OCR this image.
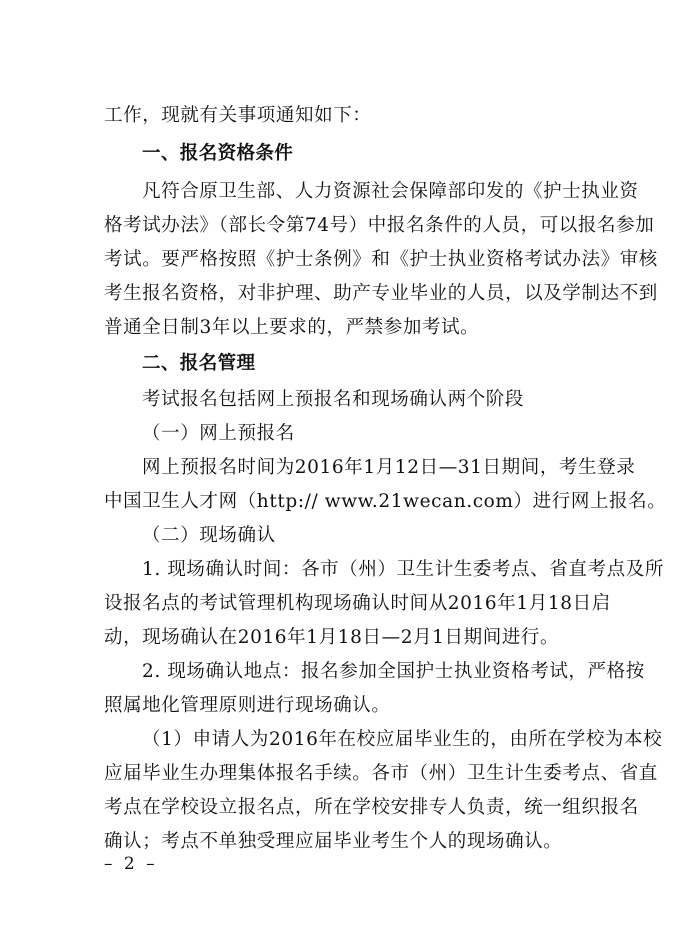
工作，现就有关事项通知如下：
一、报名资格条件
凡符合原卫生部、人力资源社会保障部印发的《护士执业资
格考试办法》（部长令第74号）中报名条件的人员，可以报名参加
考试。要严格按照《护士条例》和《护士执业资格考试办法》审核
考生报名资格，对非护理、助产专业毕业的人员，以及学制达不到
普通全日制3年以上要求的，严禁参加考试。
二、报名管理
考试报名包括网上预报名和现场确认两个阶段
（一）网上预报名
网上预报名时间为2016年1月12日—31日期间，考生登录
中国卫生人才网（http:// www.21wecan.com）进行网上报名。
（二）现场确认
1. 现场确认时间：各市（州）卫生计生委考点、省直考点及所
设报名点的考试管理机构现场确认时间从2016年1月18日启
动，现场确认在2016年1月18日—2月1日期间进行。
2. 现场确认地点：报名参加全国护士执业资格考试，严格按
照属地化管理原则进行现场确认。
（1）申请人为2016年在校应届毕业生的，由所在学校为本校
应届毕业生办理集体报名手续。各市（州）卫生计生委考点、省直
考点在学校设立报名点，所在学校安排专人负责，统一组织报名
确认；考点不单独受理应届毕业考生个人的现场确认。
– 2 –
